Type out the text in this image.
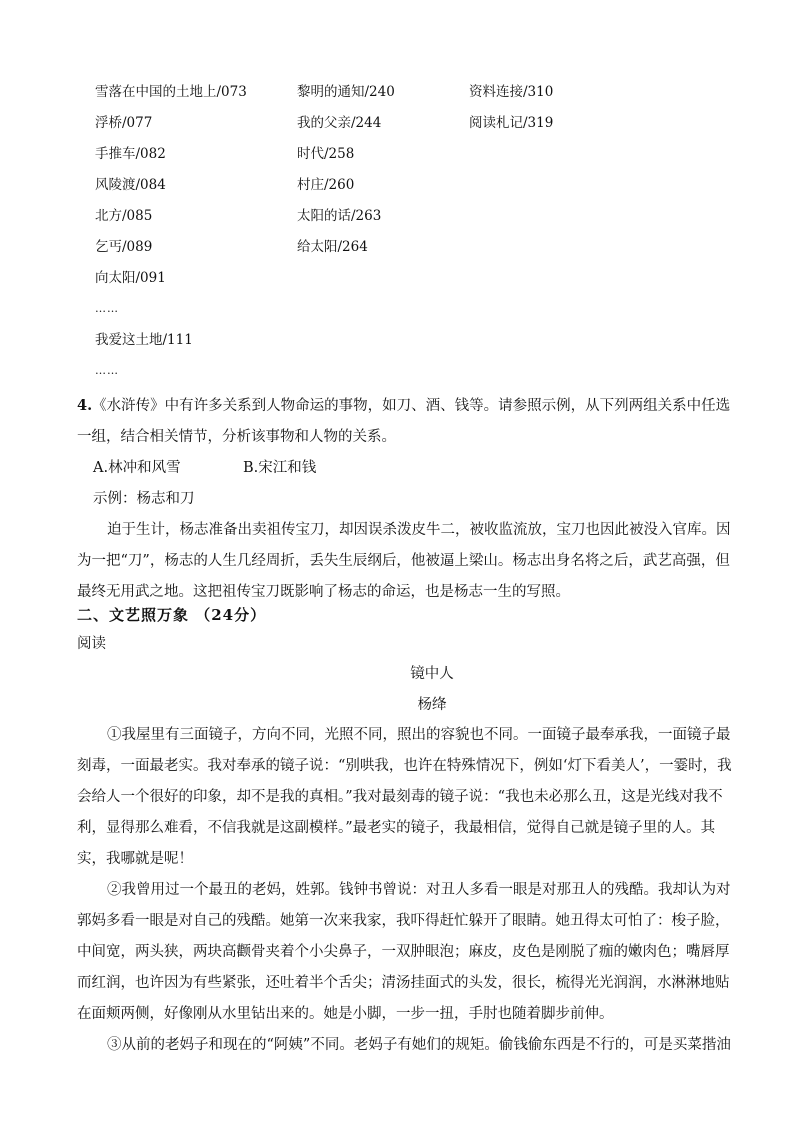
雪落在中国的土地上/073	黎明的通知/240	资料连接/310
浮桥/077	我的父亲/244	阅读札记/319
手推车/082	时代/258
风陵渡/084	村庄/260
北方/085	太阳的话/263
乞丐/089	给太阳/264
向太阳/091
……
我爱这土地/111
……
4.《水浒传》中有许多关系到人物命运的事物，如刀、酒、钱等。请参照示例，从下列两组关系中任选
一组，结合相关情节，分析该事物和人物的关系。
A.林冲和风雪	B.宋江和钱
示例：杨志和刀
迫于生计，杨志准备出卖祖传宝刀，却因误杀泼皮牛二，被收监流放，宝刀也因此被没入官库。因
为一把“刀”，杨志的人生几经周折，丢失生辰纲后，他被逼上梁山。杨志出身名将之后，武艺高强，但
最终无用武之地。这把祖传宝刀既影响了杨志的命运，也是杨志一生的写照。
二、文艺照万象 （24分）
阅读
镜中人
杨绛
①我屋里有三面镜子，方向不同，光照不同，照出的容貌也不同。一面镜子最奉承我，一面镜子最
刻毒，一面最老实。我对奉承的镜子说：“别哄我，也许在特殊情况下，例如‘灯下看美人’，一霎时，我
会给人一个很好的印象，却不是我的真相。”我对最刻毒的镜子说：“我也未必那么丑，这是光线对我不
利，显得那么难看，不信我就是这副模样。”最老实的镜子，我最相信，觉得自己就是镜子里的人。其
实，我哪就是呢！
②我曾用过一个最丑的老妈，姓郭。钱钟书曾说：对丑人多看一眼是对那丑人的残酷。我却认为对
郭妈多看一眼是对自己的残酷。她第一次来我家，我吓得赶忙躲开了眼睛。她丑得太可怕了：梭子脸，
中间宽，两头狭，两块高颧骨夹着个小尖鼻子，一双肿眼泡；麻皮，皮色是刚脱了痂的嫩肉色；嘴唇厚
而红润，也许因为有些紧张，还吐着半个舌尖；清汤挂面式的头发，很长，梳得光光润润，水淋淋地贴
在面颊两侧，好像刚从水里钻出来的。她是小脚，一步一扭，手肘也随着脚步前伸。
③从前的老妈子和现在的“阿姨”不同。老妈子有她们的规矩。偷钱偷东西是不行的，可是买菜揩油
